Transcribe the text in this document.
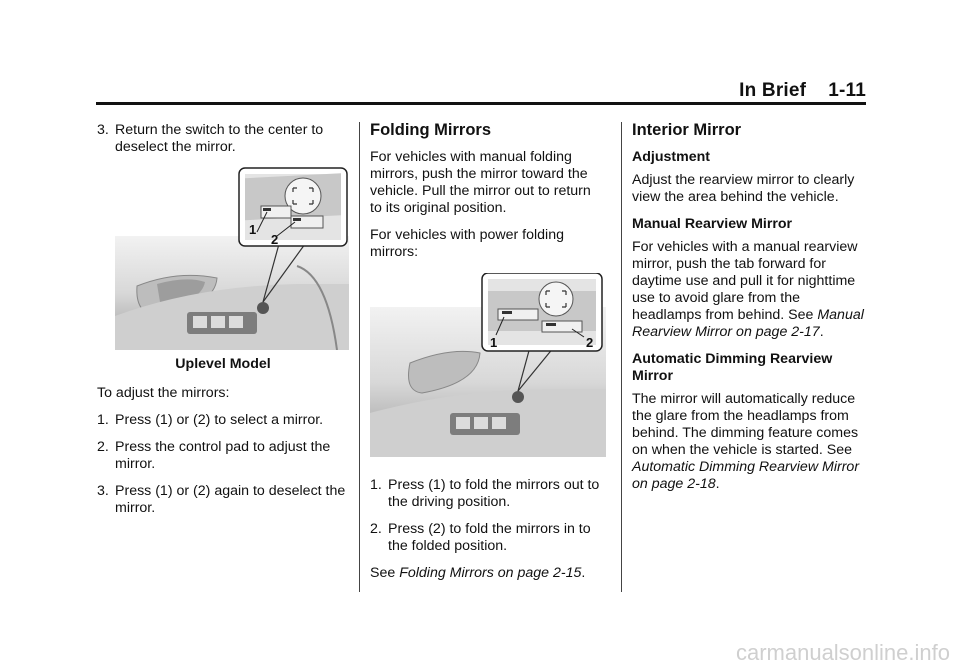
In Brief 1-11
3. Return the switch to the center to deselect the mirror.
1
2
Uplevel Model

To adjust the mirrors:

1. Press (1) or (2) to select a mirror.
2. Press the control pad to adjust the mirror.
3. Press (1) or (2) again to deselect the mirror.
Folding Mirrors

For vehicles with manual folding mirrors, push the mirror toward the vehicle. Pull the mirror out to return to its original position.

For vehicles with power folding mirrors:

1	2
1. Press (1) to fold the mirrors out to the driving position.
2. Press (2) to fold the mirrors in to the folded position.

See Folding Mirrors on page 2-15.

Interior Mirror
Adjustment

Adjust the rearview mirror to clearly view the area behind the vehicle.

Manual Rearview Mirror

For vehicles with a manual rearview mirror, push the tab forward for daytime use and pull it for nighttime use to avoid glare from the headlamps from behind. See Manual Rearview Mirror on page 2-17.

Automatic Dimming Rearview Mirror

The mirror will automatically reduce the glare from the headlamps from behind. The dimming feature comes on when the vehicle is started. See Automatic Dimming Rearview Mirror on page 2-18.

carmanualsonline.info
